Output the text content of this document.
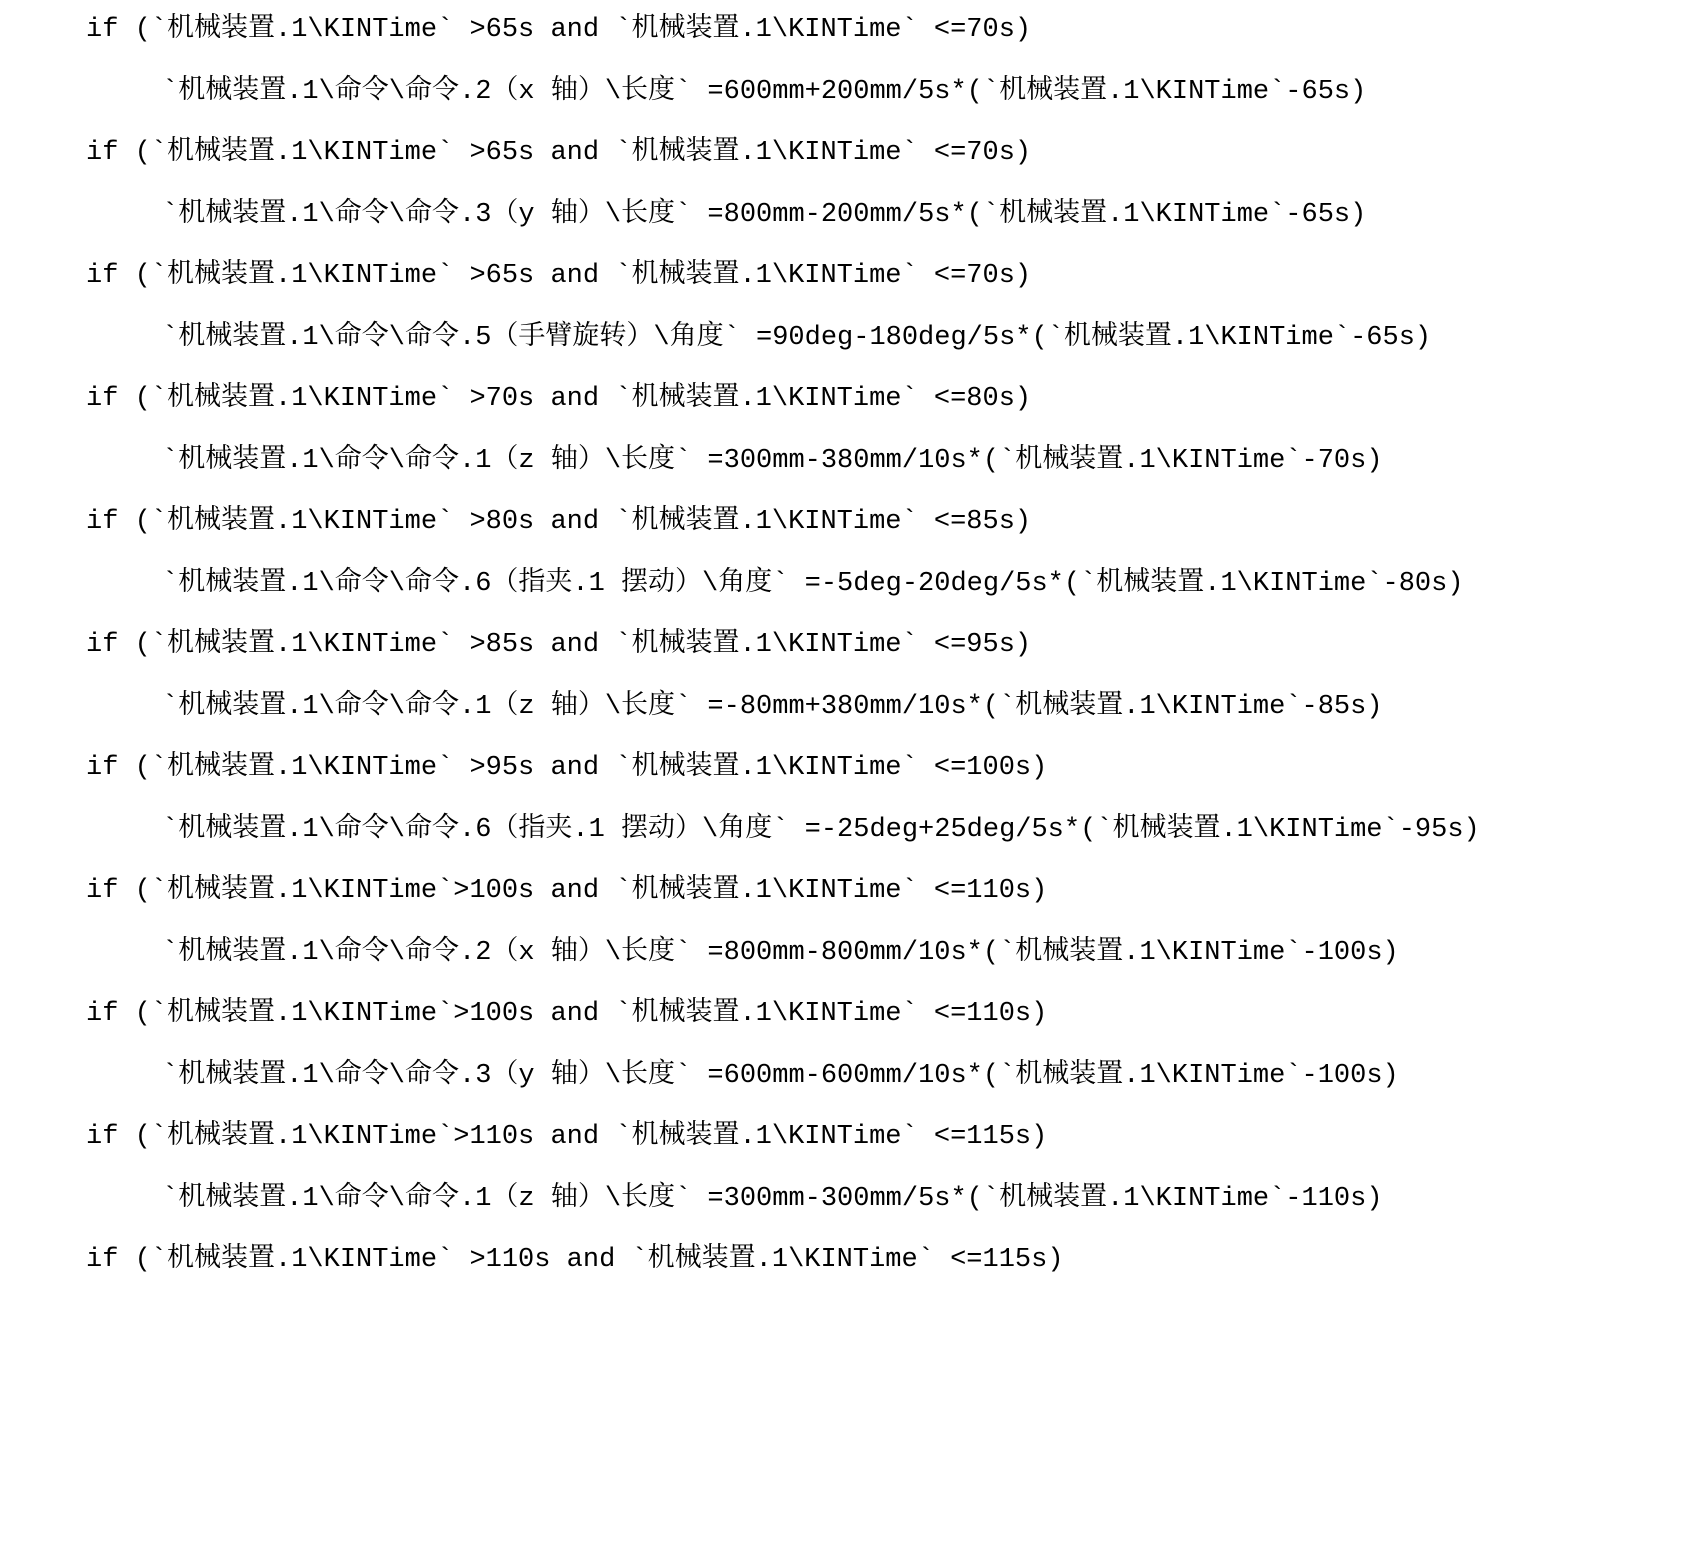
if (`机械装置.1\KINTime` >65s and `机械装置.1\KINTime` <=70s)
`机械装置.1\命令\命令.2（x 轴）\长度` =600mm+200mm/5s*(`机械装置.1\KINTime`-65s)
if (`机械装置.1\KINTime` >65s and `机械装置.1\KINTime` <=70s)
`机械装置.1\命令\命令.3（y 轴）\长度` =800mm-200mm/5s*(`机械装置.1\KINTime`-65s)
if (`机械装置.1\KINTime` >65s and `机械装置.1\KINTime` <=70s)
`机械装置.1\命令\命令.5（手臂旋转）\角度` =90deg-180deg/5s*(`机械装置.1\KINTime`-65s)
if (`机械装置.1\KINTime` >70s and `机械装置.1\KINTime` <=80s)
`机械装置.1\命令\命令.1（z 轴）\长度` =300mm-380mm/10s*(`机械装置.1\KINTime`-70s)
if (`机械装置.1\KINTime` >80s and `机械装置.1\KINTime` <=85s)
`机械装置.1\命令\命令.6（指夹.1 摆动）\角度` =-5deg-20deg/5s*(`机械装置.1\KINTime`-80s)
if (`机械装置.1\KINTime` >85s and `机械装置.1\KINTime` <=95s)
`机械装置.1\命令\命令.1（z 轴）\长度` =-80mm+380mm/10s*(`机械装置.1\KINTime`-85s)
if (`机械装置.1\KINTime` >95s and `机械装置.1\KINTime` <=100s)
`机械装置.1\命令\命令.6（指夹.1 摆动）\角度` =-25deg+25deg/5s*(`机械装置.1\KINTime`-95s)
if (`机械装置.1\KINTime`>100s and `机械装置.1\KINTime` <=110s)
`机械装置.1\命令\命令.2（x 轴）\长度` =800mm-800mm/10s*(`机械装置.1\KINTime`-100s)
if (`机械装置.1\KINTime`>100s and `机械装置.1\KINTime` <=110s)
`机械装置.1\命令\命令.3（y 轴）\长度` =600mm-600mm/10s*(`机械装置.1\KINTime`-100s)
if (`机械装置.1\KINTime`>110s and `机械装置.1\KINTime` <=115s)
`机械装置.1\命令\命令.1（z 轴）\长度` =300mm-300mm/5s*(`机械装置.1\KINTime`-110s)
if (`机械装置.1\KINTime` >110s and `机械装置.1\KINTime` <=115s)
